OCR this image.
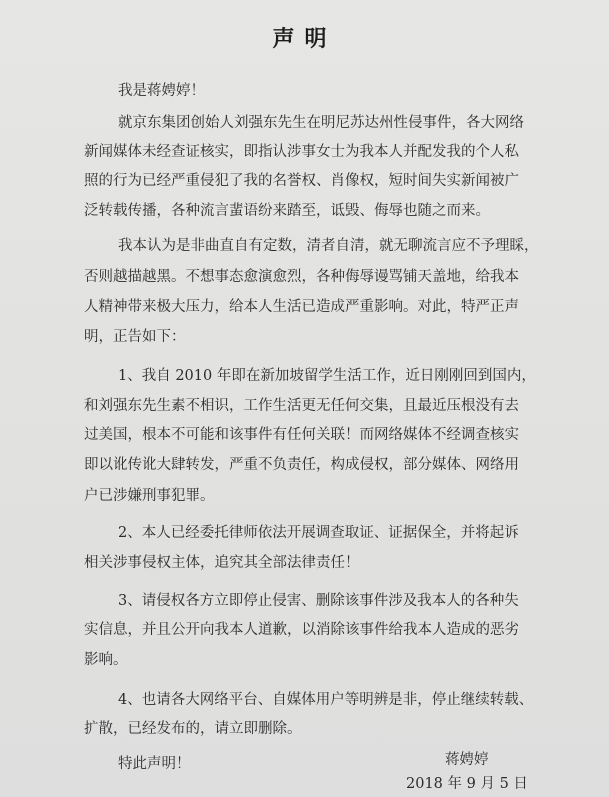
声明
我是蒋娉婷！
就京东集团创始人刘强东先生在明尼苏达州性侵事件，各大网络
新闻媒体未经查证核实，即指认涉事女士为我本人并配发我的个人私
照的行为已经严重侵犯了我的名誉权、肖像权，短时间失实新闻被广
泛转载传播，各种流言蜚语纷来踏至，诋毁、侮辱也随之而来。
我本认为是非曲直自有定数，清者自清，就无聊流言应不予理睬，
否则越描越黑。不想事态愈演愈烈，各种侮辱谩骂铺天盖地，给我本
人精神带来极大压力，给本人生活已造成严重影响。对此，特严正声
明，正告如下：
1、我自 2010 年即在新加坡留学生活工作，近日刚刚回到国内，
和刘强东先生素不相识，工作生活更无任何交集，且最近压根没有去
过美国，根本不可能和该事件有任何关联！而网络媒体不经调查核实
即以讹传讹大肆转发，严重不负责任，构成侵权，部分媒体、网络用
户已涉嫌刑事犯罪。
2、本人已经委托律师依法开展调查取证、证据保全，并将起诉
相关涉事侵权主体，追究其全部法律责任！
3、请侵权各方立即停止侵害、删除该事件涉及我本人的各种失
实信息，并且公开向我本人道歉，以消除该事件给我本人造成的恶劣
影响。
4、也请各大网络平台、自媒体用户等明辨是非，停止继续转载、
扩散，已经发布的，请立即删除。
特此声明！	蒋娉婷
2018 年 9 月 5 日
